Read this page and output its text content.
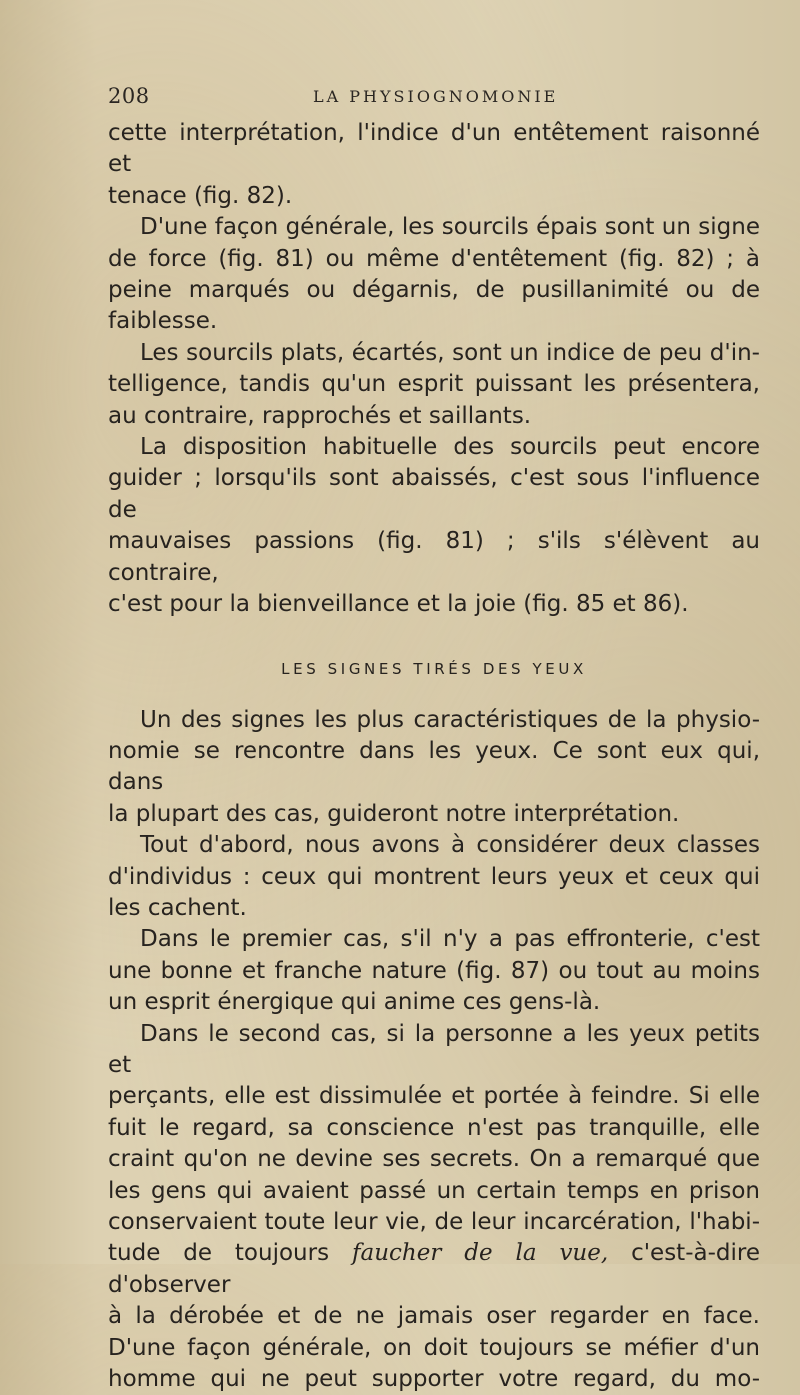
208	LA PHYSIOGNOMONIE

cette interprétation, l'indice d'un entêtement raisonné et

tenace (fig. 82).

D'une façon générale, les sourcils épais sont un signe

de force (fig. 81) ou même d'entêtement (fig. 82) ; à

peine marqués ou dégarnis, de pusillanimité ou de

faiblesse.

Les sourcils plats, écartés, sont un indice de peu d'in-

telligence, tandis qu'un esprit puissant les présentera,

au contraire, rapprochés et saillants.

La disposition habituelle des sourcils peut encore

guider ; lorsqu'ils sont abaissés, c'est sous l'influence de

mauvaises passions (fig. 81) ; s'ils s'élèvent au contraire,

c'est pour la bienveillance et la joie (fig. 85 et 86).

LES SIGNES TIRÉS DES YEUX

Un des signes les plus caractéristiques de la physio-

nomie se rencontre dans les yeux. Ce sont eux qui, dans

la plupart des cas, guideront notre interprétation.

Tout d'abord, nous avons à considérer deux classes

d'individus : ceux qui montrent leurs yeux et ceux qui

les cachent.

Dans le premier cas, s'il n'y a pas effronterie, c'est

une bonne et franche nature (fig. 87) ou tout au moins

un esprit énergique qui anime ces gens-là.

Dans le second cas, si la personne a les yeux petits et

perçants, elle est dissimulée et portée à feindre. Si elle

fuit le regard, sa conscience n'est pas tranquille, elle

craint qu'on ne devine ses secrets. On a remarqué que

les gens qui avaient passé un certain temps en prison

conservaient toute leur vie, de leur incarcération, l'habi-

tude de toujours faucher de la vue, c'est-à-dire d'observer

à la dérobée et de ne jamais oser regarder en face.

D'une façon générale, on doit toujours se méfier d'un

homme qui ne peut supporter votre regard, du mo-
